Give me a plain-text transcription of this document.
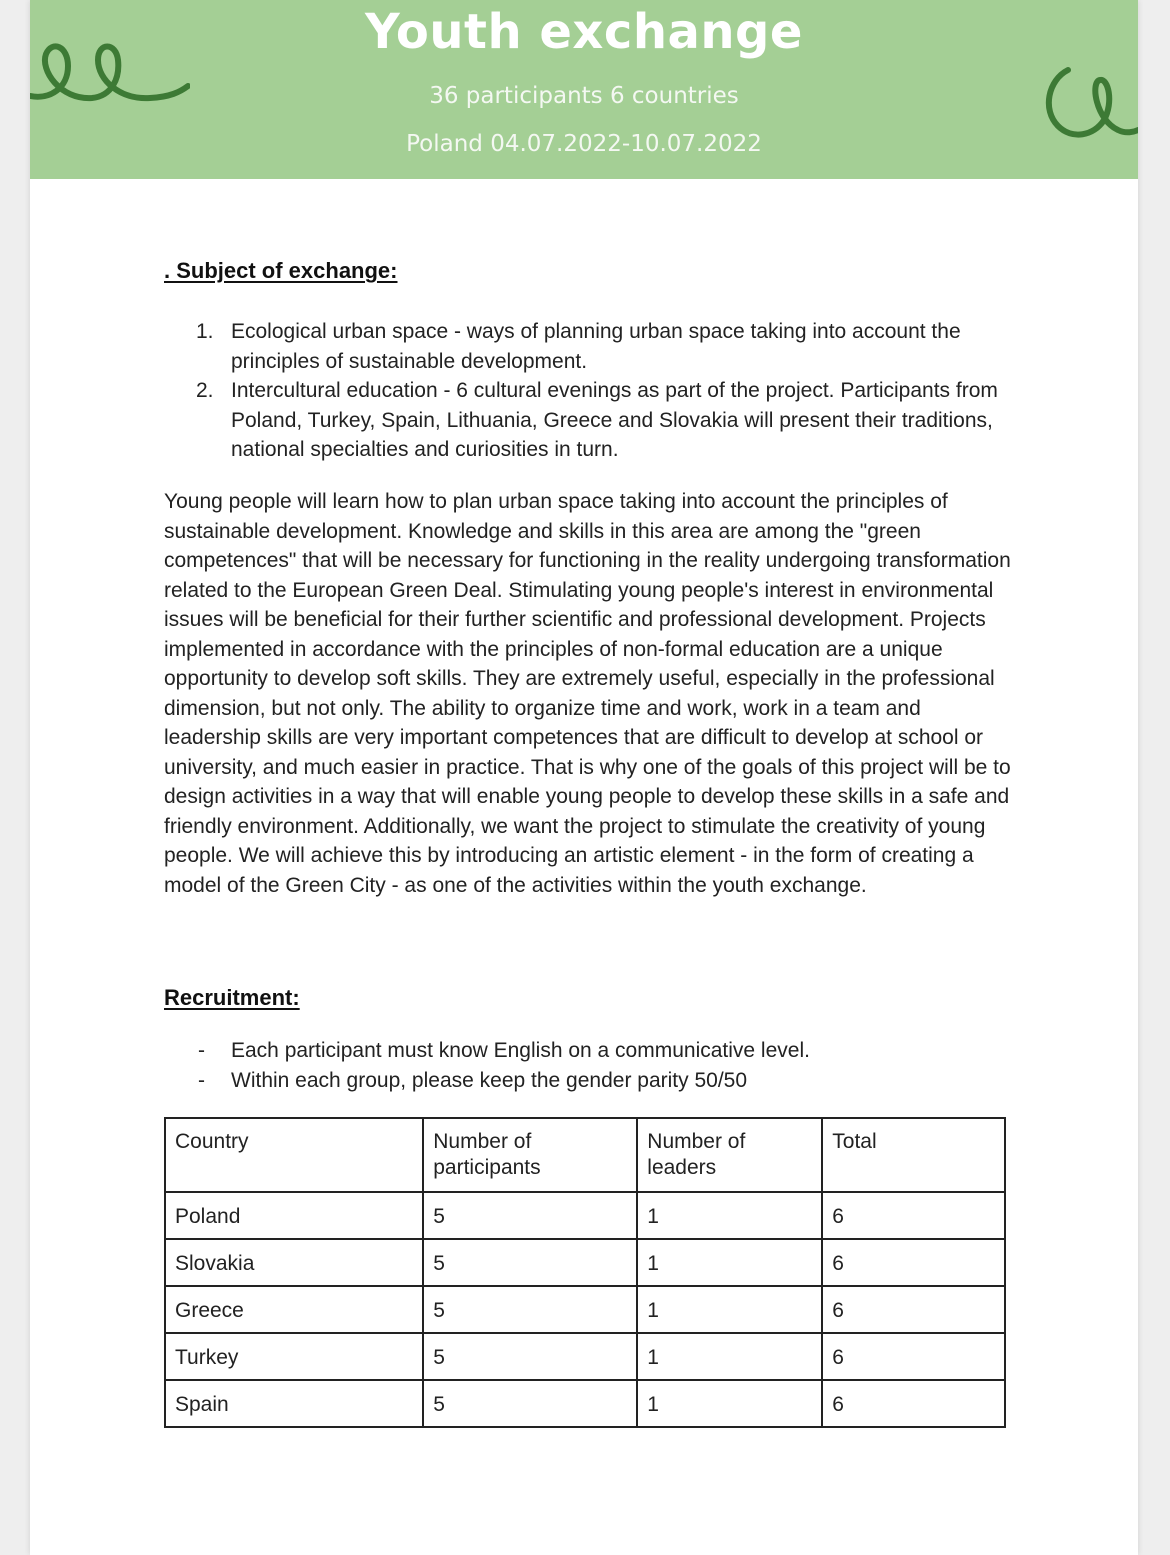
Youth exchange
36 participants 6 countries
Poland 04.07.2022-10.07.2022
. Subject of exchange:
1. Ecological urban space - ways of planning urban space taking into account the principles of sustainable development.
2. Intercultural education - 6 cultural evenings as part of the project. Participants from Poland, Turkey, Spain, Lithuania, Greece and Slovakia will present their traditions, national specialties and curiosities in turn.

Young people will learn how to plan urban space taking into account the principles of sustainable development. Knowledge and skills in this area are among the "green competences" that will be necessary for functioning in the reality undergoing transformation related to the European Green Deal. Stimulating young people's interest in environmental issues will be beneficial for their further scientific and professional development. Projects implemented in accordance with the principles of non-formal education are a unique opportunity to develop soft skills. They are extremely useful, especially in the professional dimension, but not only. The ability to organize time and work, work in a team and leadership skills are very important competences that are difficult to develop at school or university, and much easier in practice. That is why one of the goals of this project will be to design activities in a way that will enable young people to develop these skills in a safe and friendly environment. Additionally, we want the project to stimulate the creativity of young people. We will achieve this by introducing an artistic element - in the form of creating a model of the Green City - as one of the activities within the youth exchange.

Recruitment:
- Each participant must know English on a communicative level.
- Within each group, please keep the gender parity 50/50
Country	Number of participants	Number of leaders	Total
Poland	5	1	6
Slovakia	5	1	6
Greece	5	1	6
Turkey	5	1	6
Spain	5	1	6
